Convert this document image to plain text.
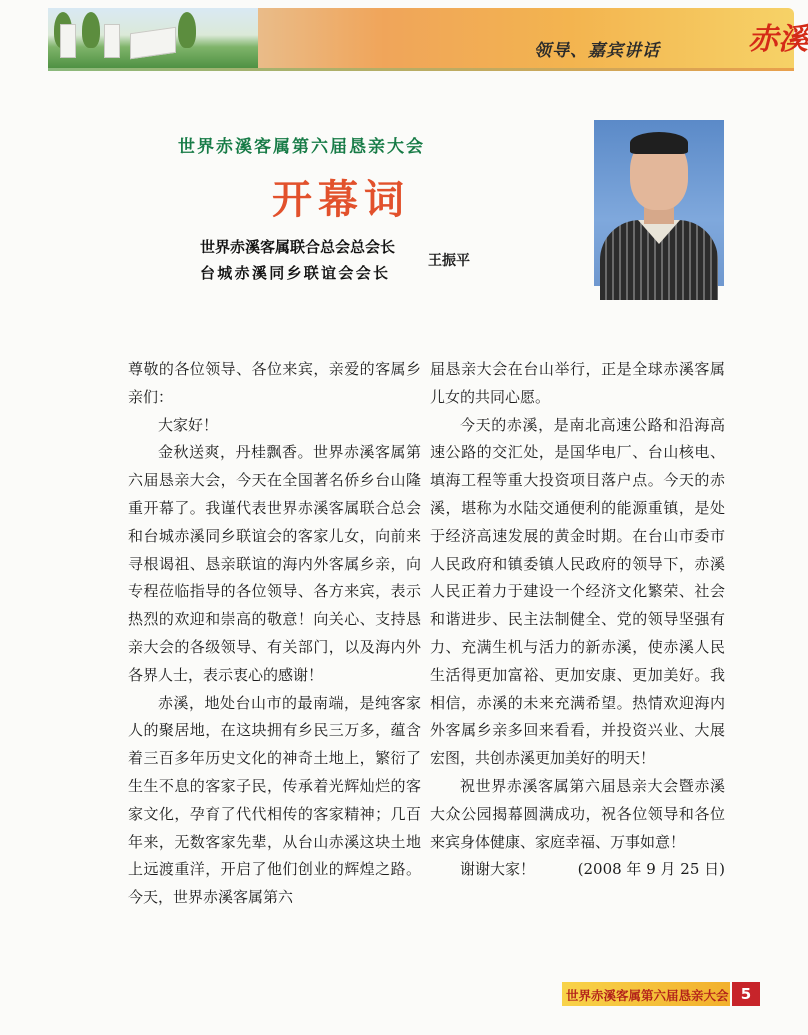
领导、嘉宾讲话	赤溪
世界赤溪客属第六届恳亲大会
开幕词
世界赤溪客属联合总会总会长
台城赤溪同乡联谊会会长
王振平

尊敬的各位领导、各位来宾，亲爱的客属乡亲们：

大家好！

金秋送爽，丹桂飘香。世界赤溪客属第六届恳亲大会，今天在全国著名侨乡台山隆重开幕了。我谨代表世界赤溪客属联合总会和台城赤溪同乡联谊会的客家儿女，向前来寻根谒祖、恳亲联谊的海内外客属乡亲，向专程莅临指导的各位领导、各方来宾，表示热烈的欢迎和崇高的敬意！向关心、支持恳亲大会的各级领导、有关部门，以及海内外各界人士，表示衷心的感谢！

赤溪，地处台山市的最南端，是纯客家人的聚居地，在这块拥有乡民三万多，蕴含着三百多年历史文化的神奇土地上，繁衍了生生不息的客家子民，传承着光辉灿烂的客家文化，孕育了代代相传的客家精神；几百年来，无数客家先辈，从台山赤溪这块土地上远渡重洋，开启了他们创业的辉煌之路。今天，世界赤溪客属第六

届恳亲大会在台山举行，正是全球赤溪客属儿女的共同心愿。

今天的赤溪，是南北高速公路和沿海高速公路的交汇处，是国华电厂、台山核电、填海工程等重大投资项目落户点。今天的赤溪，堪称为水陆交通便利的能源重镇，是处于经济高速发展的黄金时期。在台山市委市人民政府和镇委镇人民政府的领导下，赤溪人民正着力于建设一个经济文化繁荣、社会和谐进步、民主法制健全、党的领导坚强有力、充满生机与活力的新赤溪，使赤溪人民生活得更加富裕、更加安康、更加美好。我相信，赤溪的未来充满希望。热情欢迎海内外客属乡亲多回来看看，并投资兴业、大展宏图，共创赤溪更加美好的明天！

祝世界赤溪客属第六届恳亲大会暨赤溪大众公园揭幕圆满成功，祝各位领导和各位来宾身体健康、家庭幸福、万事如意！

谢谢大家！	(2008 年 9 月 25 日)

世界赤溪客属第六届恳亲大会 5
